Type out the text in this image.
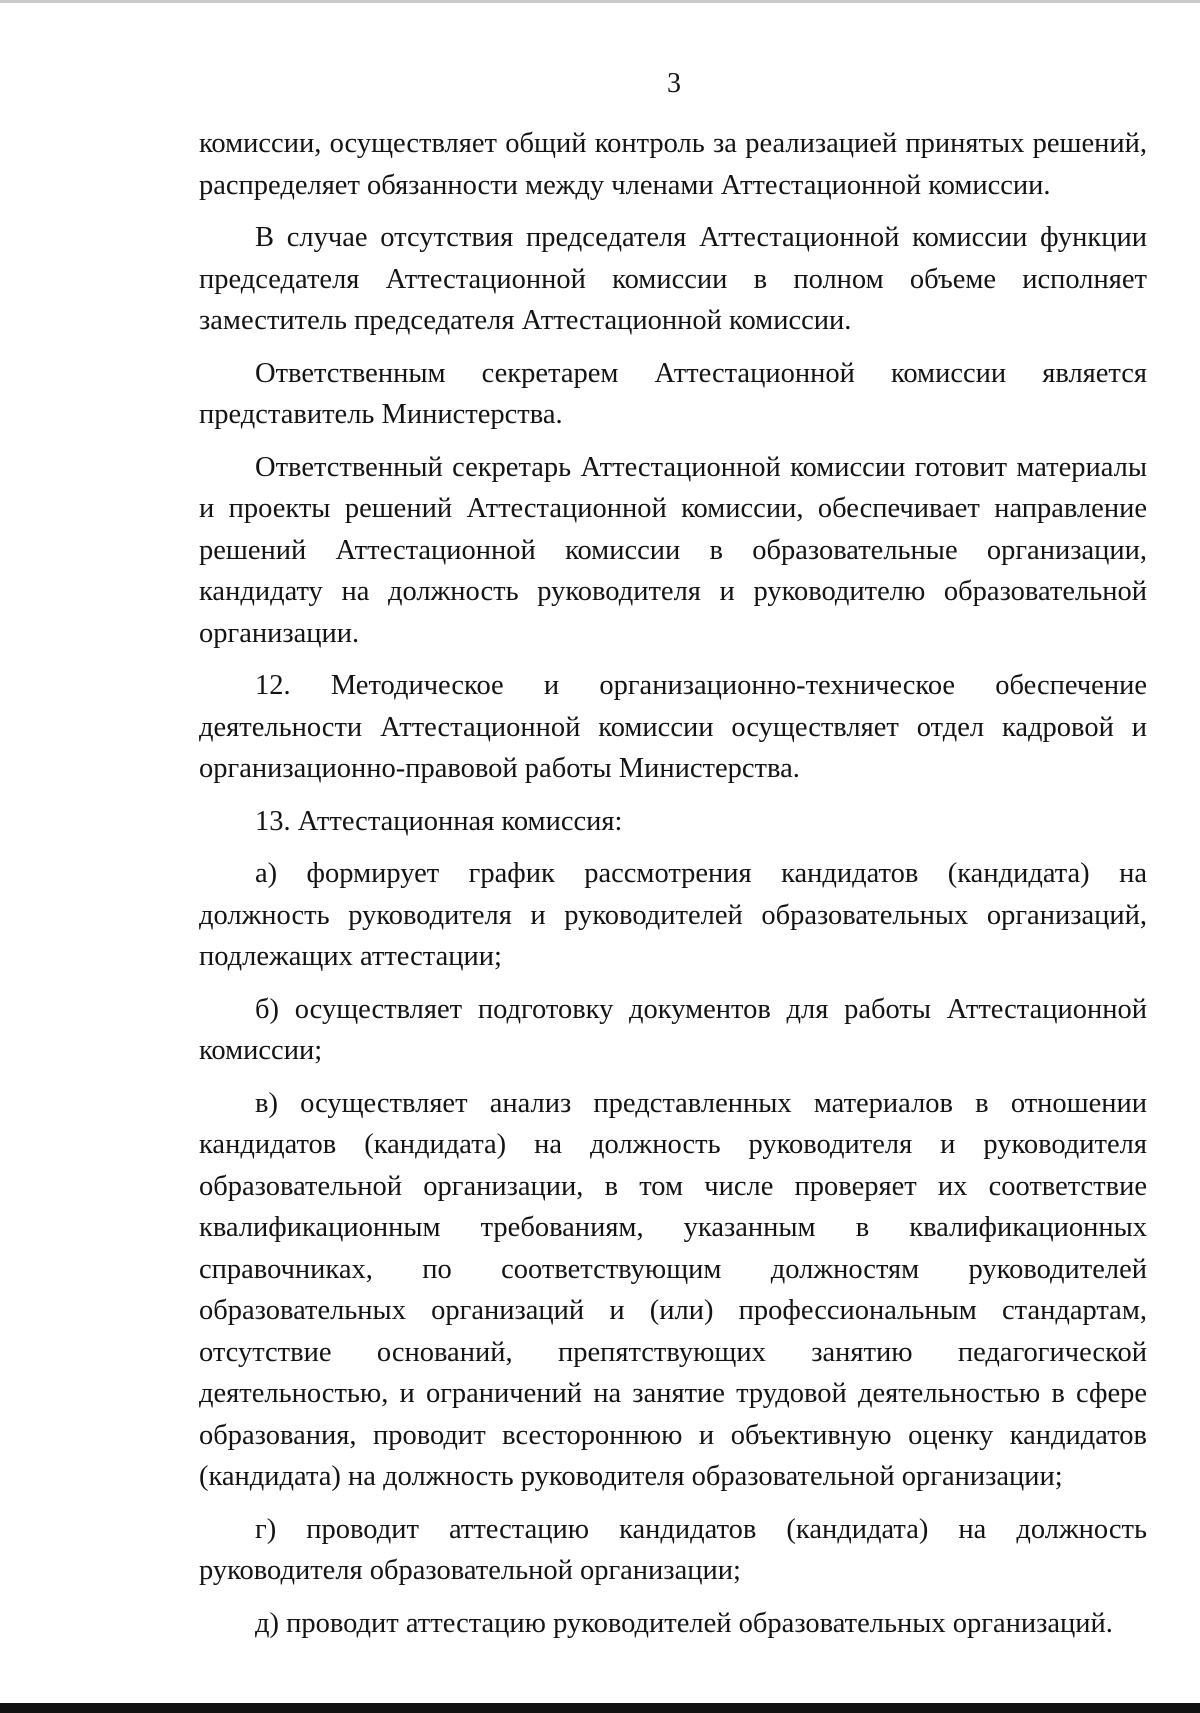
3

комиссии, осуществляет общий контроль за реализацией принятых решений, распределяет обязанности между членами Аттестационной комиссии.

В случае отсутствия председателя Аттестационной комиссии функции председателя Аттестационной комиссии в полном объеме исполняет заместитель председателя Аттестационной комиссии.

Ответственным секретарем Аттестационной комиссии является представитель Министерства.

Ответственный секретарь Аттестационной комиссии готовит материалы и проекты решений Аттестационной комиссии, обеспечивает направление решений Аттестационной комиссии в образовательные организации, кандидату на должность руководителя и руководителю образовательной организации.

12. Методическое и организационно-техническое обеспечение деятельности Аттестационной комиссии осуществляет отдел кадровой и организационно-правовой работы Министерства.

13. Аттестационная комиссия:

а) формирует график рассмотрения кандидатов (кандидата) на должность руководителя и руководителей образовательных организаций, подлежащих аттестации;

б) осуществляет подготовку документов для работы Аттестационной комиссии;

в) осуществляет анализ представленных материалов в отношении кандидатов (кандидата) на должность руководителя и руководителя образовательной организации, в том числе проверяет их соответствие квалификационным требованиям, указанным в квалификационных справочниках, по соответствующим должностям руководителей образовательных организаций и (или) профессиональным стандартам, отсутствие оснований, препятствующих занятию педагогической деятельностью, и ограничений на занятие трудовой деятельностью в сфере образования, проводит всестороннюю и объективную оценку кандидатов (кандидата) на должность руководителя образовательной организации;

г) проводит аттестацию кандидатов (кандидата) на должность руководителя образовательной организации;

д) проводит аттестацию руководителей образовательных организаций.
